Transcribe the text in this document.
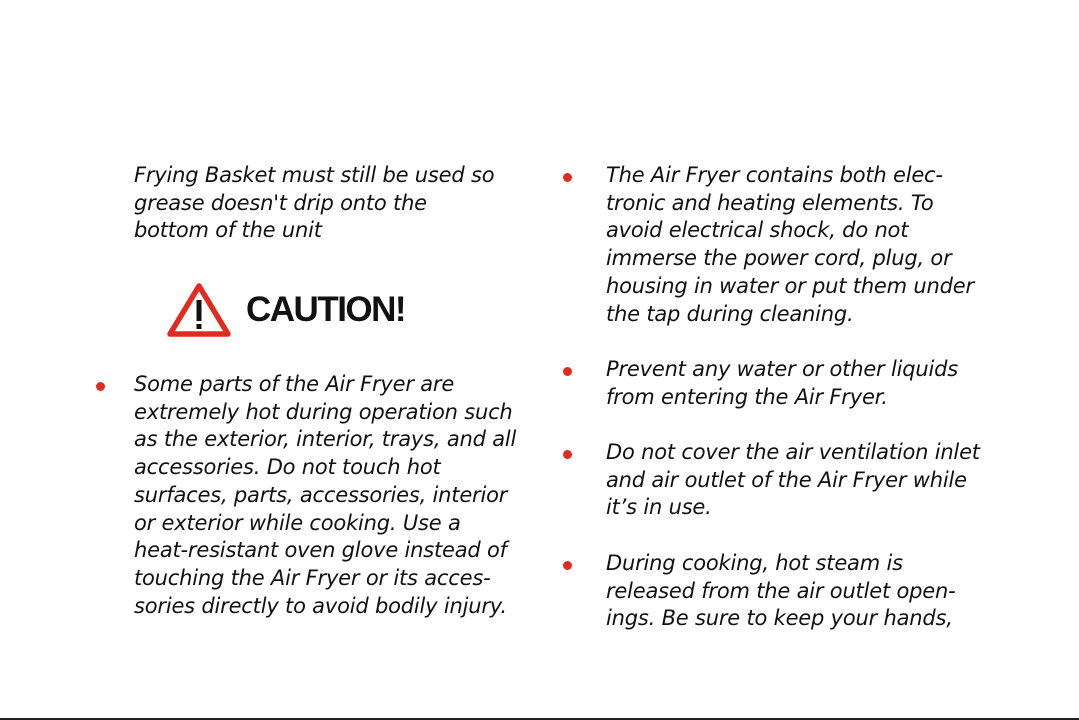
Frying Basket must still be used so
grease doesn't drip onto the
bottom of the unit

CAUTION!

Some parts of the Air Fryer are
extremely hot during operation such
as the exterior, interior, trays, and all
accessories. Do not touch hot
surfaces, parts, accessories, interior
or exterior while cooking. Use a
heat-resistant oven glove instead of
touching the Air Fryer or its acces-
sories directly to avoid bodily injury.

The Air Fryer contains both elec-
tronic and heating elements. To
avoid electrical shock, do not
immerse the power cord, plug, or
housing in water or put them under
the tap during cleaning.

Prevent any water or other liquids
from entering the Air Fryer.

Do not cover the air ventilation inlet
and air outlet of the Air Fryer while
it’s in use.

During cooking, hot steam is
released from the air outlet open-
ings. Be sure to keep your hands,
